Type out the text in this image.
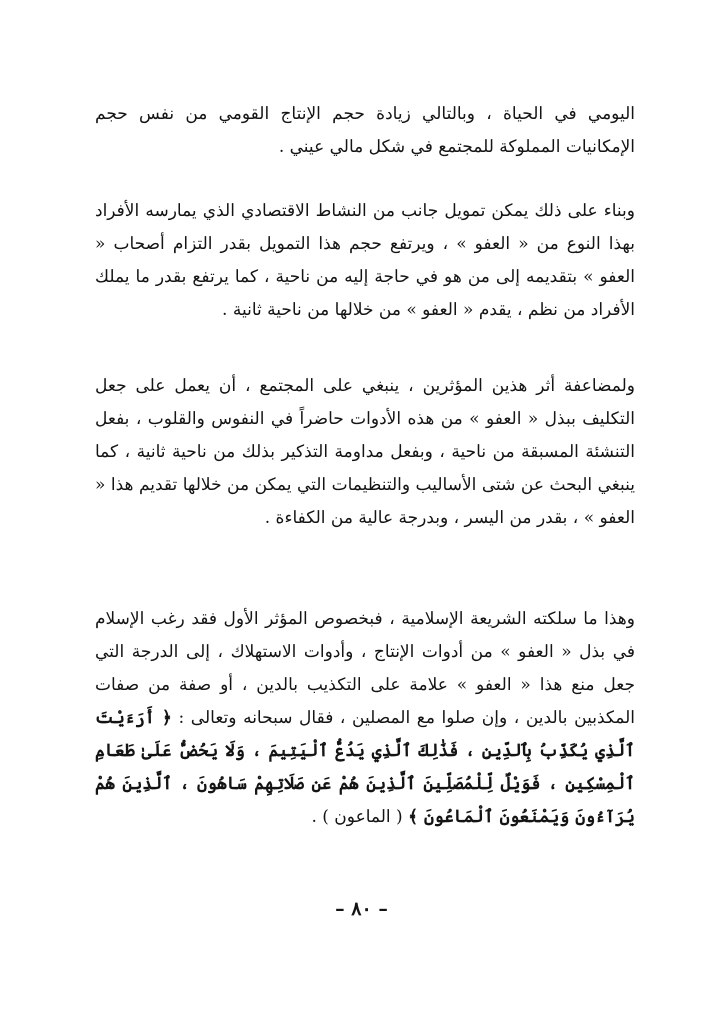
اليومي في الحياة ، وبالتالي زيادة حجم الإنتاج القومي من نفس حجم الإمكانيات المملوكة للمجتمع في شكل مالي عيني .

وبناء على ذلك يمكن تمويل جانب من النشاط الاقتصادي الذي يمارسه الأفراد بهذا النوع من « العفو » ، ويرتفع حجم هذا التمويل بقدر التزام أصحاب « العفو » بتقديمه إلى من هو في حاجة إليه من ناحية ، كما يرتفع بقدر ما يملك الأفراد من نظم ، يقدم « العفو » من خلالها من ناحية ثانية .

ولمضاعفة أثر هذين المؤثرين ، ينبغي على المجتمع ، أن يعمل على جعل التكليف ببذل « العفو » من هذه الأدوات حاضراً في النفوس والقلوب ، بفعل التنشئة المسبقة من ناحية ، وبفعل مداومة التذكير بذلك من ناحية ثانية ، كما ينبغي البحث عن شتى الأساليب والتنظيمات التي يمكن من خلالها تقديم هذا « العفو » ، بقدر من اليسر ، وبدرجة عالية من الكفاءة .

وهذا ما سلكته الشريعة الإسلامية ، فبخصوص المؤثر الأول فقد رغب الإسلام في بذل « العفو » من أدوات الإنتاج ، وأدوات الاستهلاك ، إلى الدرجة التي جعل منع هذا « العفو » علامة على التكذيب بالدين ، أو صفة من صفات المكذبين بالدين ، وإن صلوا مع المصلين ، فقال سبحانه وتعالى : ﴿ أَرَءَيْتَ ٱلَّذِي يُكَذِّبُ بِٱلدِّينِ ، فَذَٰلِكَ ٱلَّذِي يَدُعُّ ٱلْيَتِيمَ ، وَلَا يَحُضُّ عَلَىٰ طَعَامِ ٱلْمِسْكِينِ ، فَوَيْلٌ لِّلْمُصَلِّينَ ٱلَّذِينَ هُمْ عَن صَلَاتِهِمْ سَاهُونَ ، ٱلَّذِينَ هُمْ يُرَآءُونَ وَيَمْنَعُونَ ٱلْمَاعُونَ ﴾ ( الماعون ) .

– ٨٠ –
